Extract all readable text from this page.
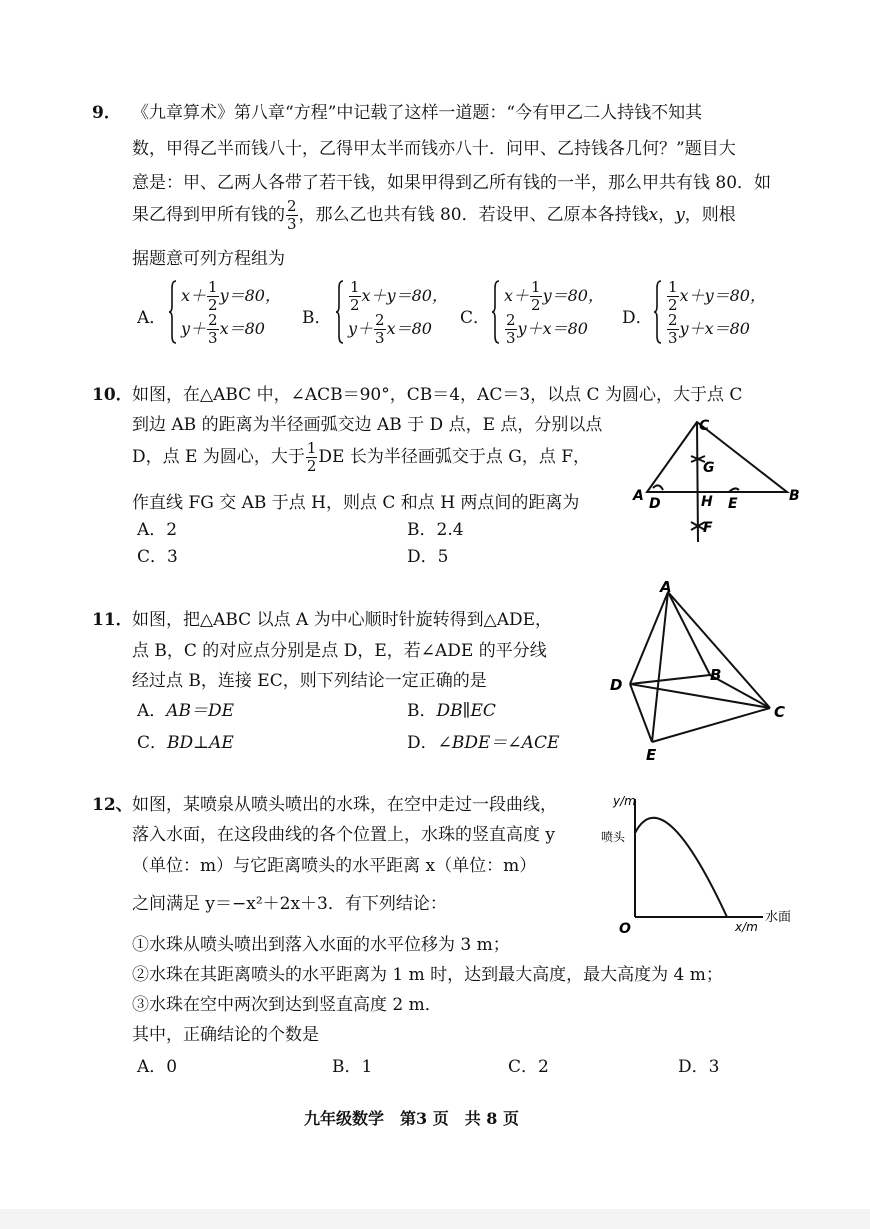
9． 《九章算术》第八章“方程”中记载了这样一道题：“今有甲乙二人持钱不知其
数，甲得乙半而钱八十，乙得甲太半而钱亦八十．问甲、乙持钱各几何？”题目大
意是：甲、乙两人各带了若干钱，如果甲得到乙所有钱的一半，那么甲共有钱 80．如
果乙得到甲所有钱的 $\frac{2}{3}$ ，那么乙也共有钱 80．若设甲、乙原本各持钱x，y，则根
据题意可列方程组为
A．
$x+ \frac{1}{2} y=80$，
$y+ \frac{2}{3} x=80$
B．
$\frac{1}{2} x+y=80$，
$y+ \frac{2}{3} x=80$
C．
$x+ \frac{1}{2} y=80$，
$\frac{2}{3} y+x=80$
D．
$\frac{1}{2} x+y=80$，
$\frac{2}{3} y+x=80$
10． 如图，在△ABC 中，∠ACB＝90°，CB＝4，AC＝3，以点 C 为圆心，大于点 C
到边 AB 的距离为半径画弧交边 AB 于 D 点，E 点，分别以点
D，点 E 为圆心，大于 $\frac{1}{2}$ DE 长为半径画弧交于点 G，点 F，
作直线 FG 交 AB 于点 H，则点 C 和点 H 两点间的距离为
A．2	B．2.4
C．3	D．5
C
A	B
D	E
G
H
F
11． 如图，把△ABC 以点 A 为中心顺时针旋转得到△ADE，
点 B，C 的对应点分别是点 D，E，若∠ADE 的平分线
经过点 B，连接 EC，则下列结论一定正确的是
A．AB＝DE	B．DB∥EC
C．BD⊥AE	D．∠BDE＝∠ACE
A
D
B
C
E
12、 如图，某喷泉从喷头喷出的水珠，在空中走过一段曲线，
落入水面，在这段曲线的各个位置上，水珠的竖直高度 y
（单位：m）与它距离喷头的水平距离 x（单位：m）
之间满足 y＝−x²＋2x＋3．有下列结论：
①水珠从喷头喷出到落入水面的水平位移为 3 m；
②水珠在其距离喷头的水平距离为 1 m 时，达到最大高度，最大高度为 4 m；
③水珠在空中两次到达到竖直高度 2 m．
其中，正确结论的个数是
A．0	B．1	C．2	D．3
y/m
喷头
O	x/m
水面
九年级数学　第3 页　共 8 页
